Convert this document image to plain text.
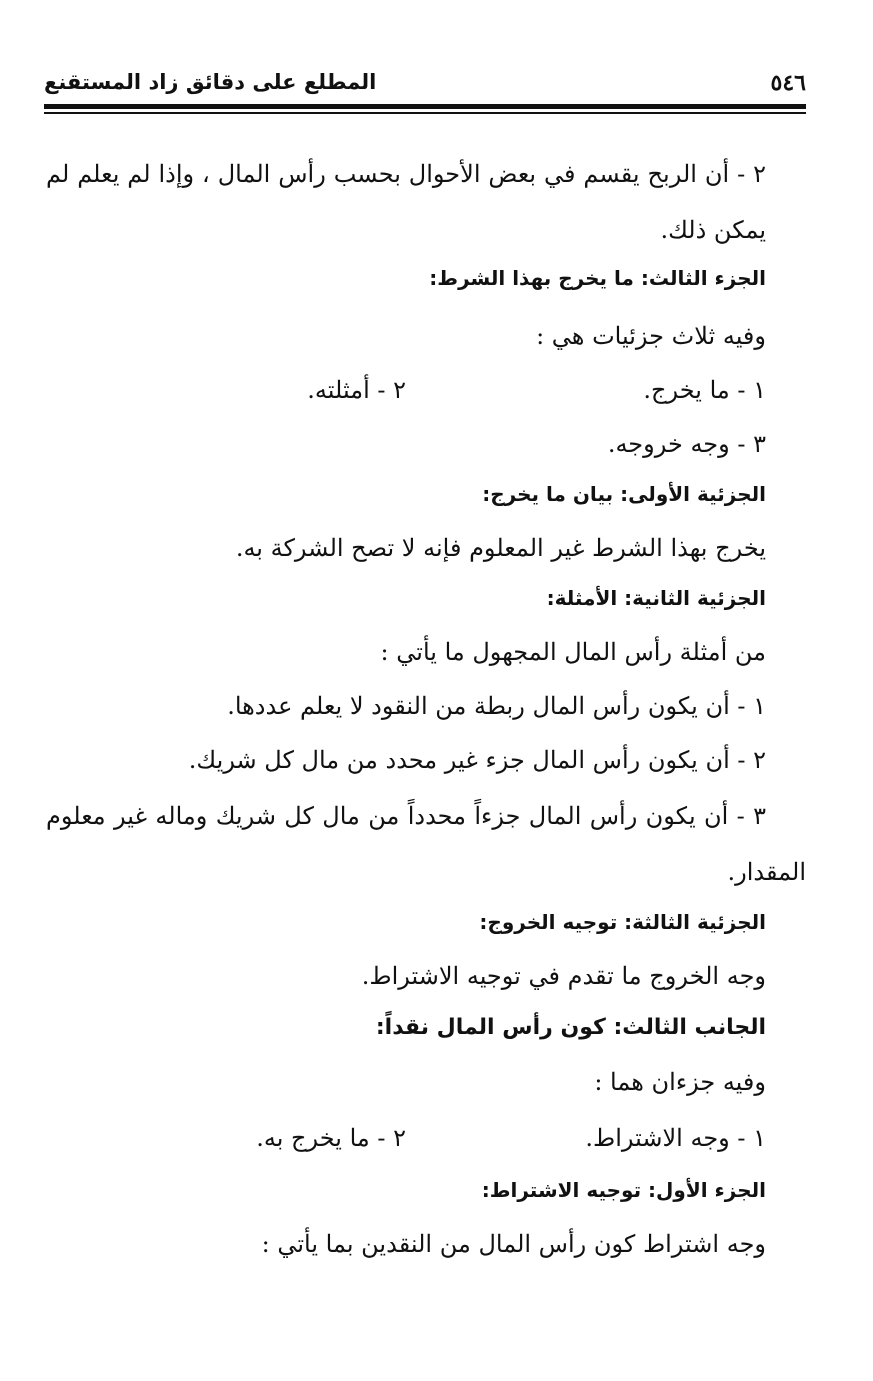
٥٤٦
المطلع على دقائق زاد المستقنع
٢ - أن الربح يقسم في بعض الأحوال بحسب رأس المال ، وإذا لم يعلم لم
يمكن ذلك.
الجزء الثالث: ما يخرج بهذا الشرط:
وفيه ثلاث جزئيات هي :
١ - ما يخرج.
٢ - أمثلته.
٣ - وجه خروجه.
الجزئية الأولى: بيان ما يخرج:
يخرج بهذا الشرط غير المعلوم فإنه لا تصح الشركة به.
الجزئية الثانية: الأمثلة:
من أمثلة رأس المال المجهول ما يأتي :
١ - أن يكون رأس المال ربطة من النقود لا يعلم عددها.
٢ - أن يكون رأس المال جزء غير محدد من مال كل شريك.
٣ - أن يكون رأس المال جزءاً محدداً من مال كل شريك وماله غير معلوم
المقدار.
الجزئية الثالثة: توجيه الخروج:
وجه الخروج ما تقدم في توجيه الاشتراط.
الجانب الثالث: كون رأس المال نقداً:
وفيه جزءان هما :
١ - وجه الاشتراط.
٢ - ما يخرج به.
الجزء الأول: توجيه الاشتراط:
وجه اشتراط كون رأس المال من النقدين بما يأتي :
